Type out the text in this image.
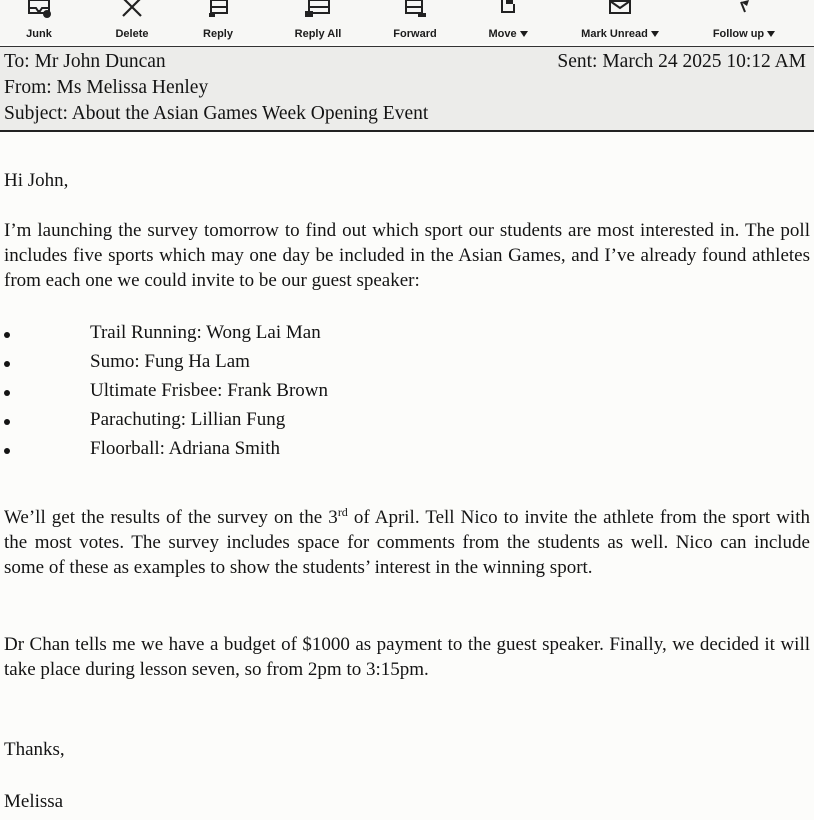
Junk	Delete	Reply	Reply All	Forward	Move	Mark Unread	Follow up
To: Mr John Duncan
From: Ms Melissa Henley
Subject: About the Asian Games Week Opening Event
Sent: March 24 2025 10:12 AM

Hi John,

I’m launching the survey tomorrow to find out which sport our students are most interested in. The poll includes five sports which may one day be included in the Asian Games, and I’ve already found athletes from each one we could invite to be our guest speaker:

Trail Running: Wong Lai Man
Sumo: Fung Ha Lam
Ultimate Frisbee: Frank Brown
Parachuting: Lillian Fung
Floorball: Adriana Smith

We’ll get the results of the survey on the 3rd of April. Tell Nico to invite the athlete from the sport with the most votes. The survey includes space for comments from the students as well. Nico can include some of these as examples to show the students’ interest in the winning sport.

Dr Chan tells me we have a budget of $1000 as payment to the guest speaker. Finally, we decided it will take place during lesson seven, so from 2pm to 3:15pm.

Thanks,

Melissa
